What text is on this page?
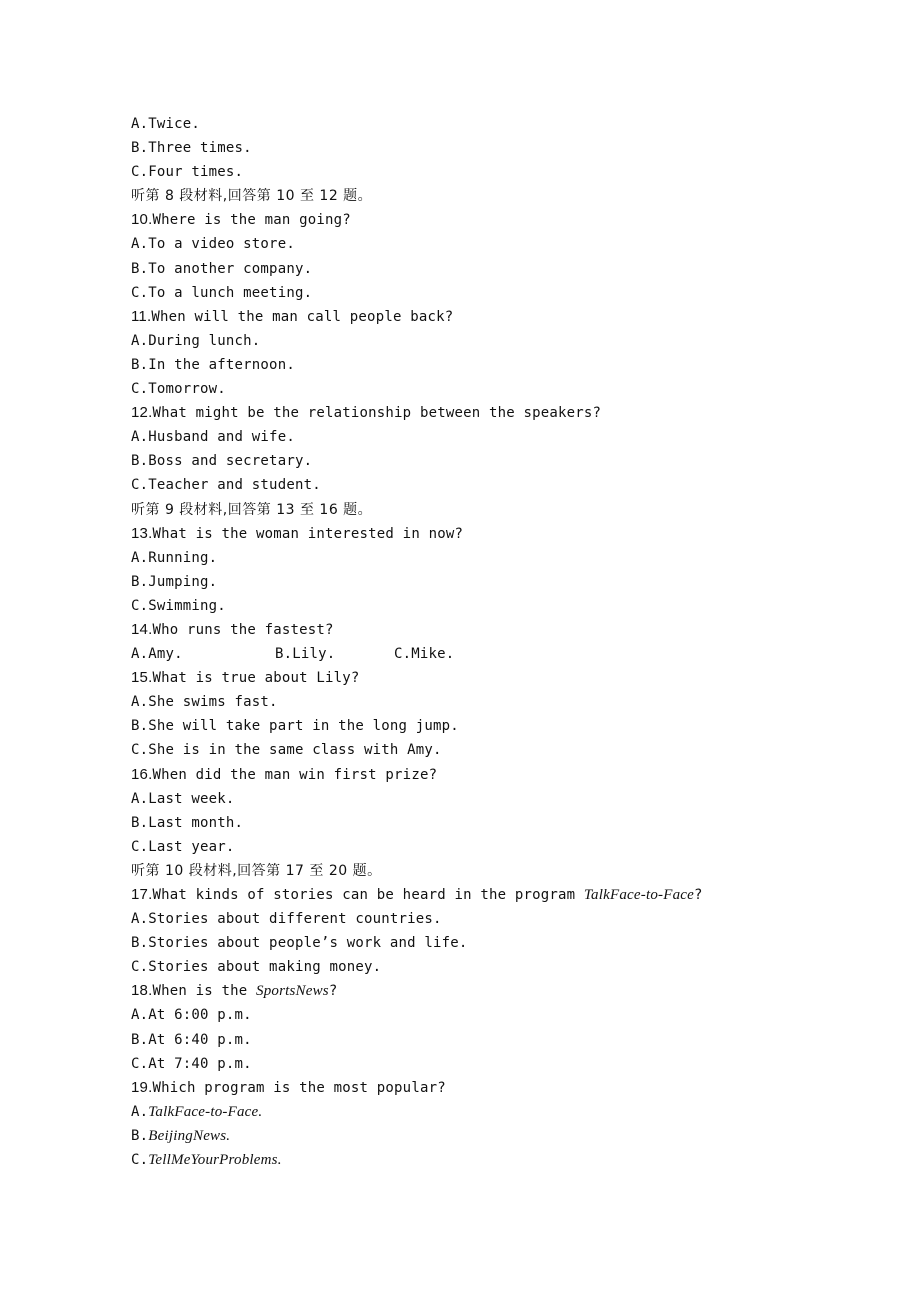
A.Twice.
B.Three times.
C.Four times.
听第 8 段材料,回答第 10 至 12 题。
10.Where is the man going?
A.To a video store.
B.To another company.
C.To a lunch meeting.
11.When will the man call people back?
A.During lunch.
B.In the afternoon.
C.Tomorrow.
12.What might be the relationship between the speakers?
A.Husband and wife.
B.Boss and secretary.
C.Teacher and student.
听第 9 段材料,回答第 13 至 16 题。
13.What is the woman interested in now?
A.Running.
B.Jumping.
C.Swimming.
14.Who runs the fastest?
A.Amy.	B.Lily.	C.Mike.
15.What is true about Lily?
A.She swims fast.
B.She will take part in the long jump.
C.She is in the same class with Amy.
16.When did the man win first prize?
A.Last week.
B.Last month.
C.Last year.
听第 10 段材料,回答第 17 至 20 题。
17.What kinds of stories can be heard in the program TalkFace-to-Face?
A.Stories about different countries.
B.Stories about people’s work and life.
C.Stories about making money.
18.When is the SportsNews?
A.At 6:00 p.m.
B.At 6:40 p.m.
C.At 7:40 p.m.
19.Which program is the most popular?
A.TalkFace-to-Face.
B.BeijingNews.
C.TellMeYourProblems.
